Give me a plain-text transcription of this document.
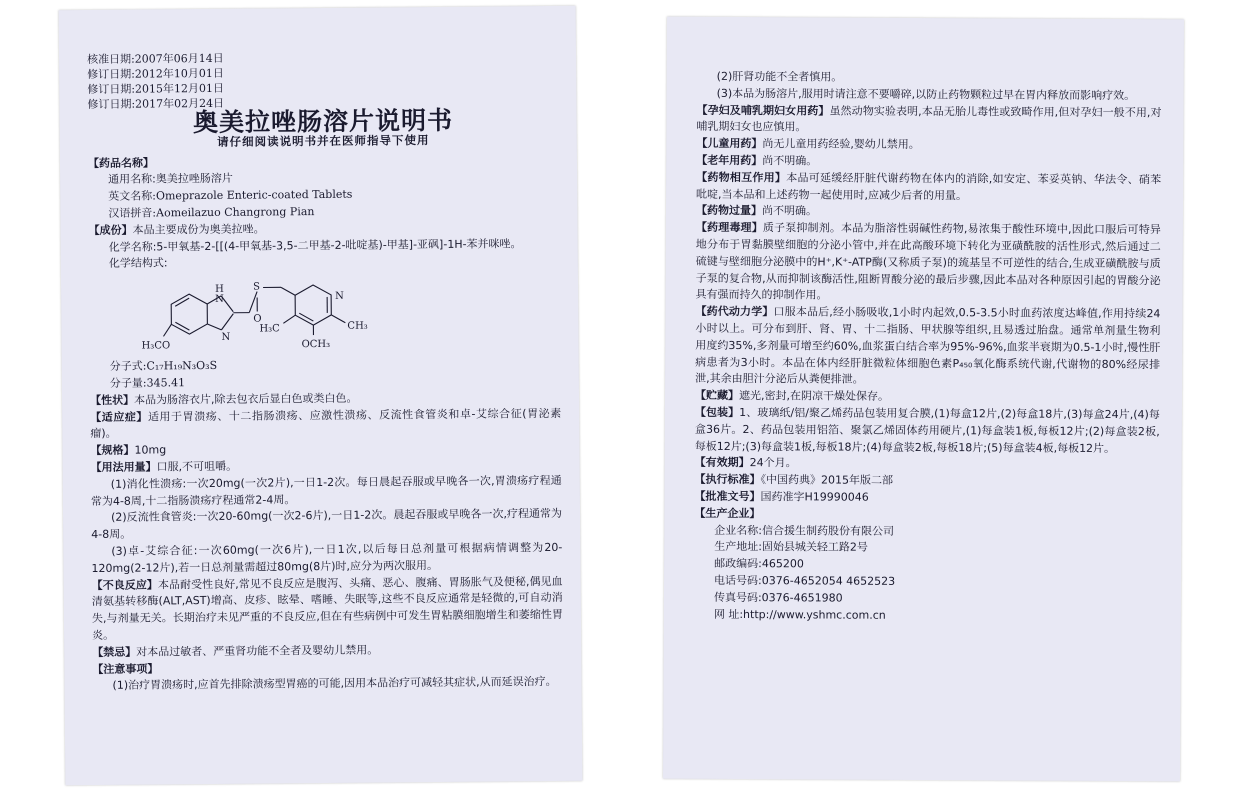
核准日期:2007年06月14日
修订日期:2012年10月01日
修订日期:2015年12月01日
修订日期:2017年02月24日
奥美拉唑肠溶片说明书
请仔细阅读说明书并在医师指导下使用
【药品名称】
通用名称:奥美拉唑肠溶片
英文名称:Omeprazole Enteric-coated Tablets
汉语拼音:Aomeilazuo Changrong Pian
【成份】本品主要成份为奥美拉唑。
化学名称:5-甲氧基-2-[[(4-甲氧基-3,5-二甲基-2-吡啶基)-甲基]-亚砜]-1H-苯并咪唑。
化学结构式:
H
N
N
S
O
N
H₃C	CH₃
OCH₃
H₃CO
分子式:C₁₇H₁₉N₃O₃S
分子量:345.41
【性状】本品为肠溶衣片,除去包衣后显白色或类白色。
【适应症】适用于胃溃疡、十二指肠溃疡、应激性溃疡、反流性食管炎和卓-艾综合征(胃泌素瘤)。
【规格】10mg
【用法用量】口服,不可咀嚼。
(1)消化性溃疡:一次20mg(一次2片),一日1-2次。每日晨起吞服或早晚各一次,胃溃疡疗程通常为4-8周,十二指肠溃疡疗程通常2-4周。
(2)反流性食管炎:一次20-60mg(一次2-6片),一日1-2次。晨起吞服或早晚各一次,疗程通常为4-8周。
(3)卓-艾综合征:一次60mg(一次6片),一日1次,以后每日总剂量可根据病情调整为20-120mg(2-12片),若一日总剂量需超过80mg(8片)时,应分为两次服用。
【不良反应】本品耐受性良好,常见不良反应是腹泻、头痛、恶心、腹痛、胃肠胀气及便秘,偶见血清氨基转移酶(ALT,AST)增高、皮疹、眩晕、嗜睡、失眠等,这些不良反应通常是轻微的,可自动消失,与剂量无关。长期治疗未见严重的不良反应,但在有些病例中可发生胃粘膜细胞增生和萎缩性胃炎。
【禁忌】对本品过敏者、严重肾功能不全者及婴幼儿禁用。
【注意事项】
(1)治疗胃溃疡时,应首先排除溃疡型胃癌的可能,因用本品治疗可减轻其症状,从而延误治疗。
(2)肝肾功能不全者慎用。
(3)本品为肠溶片,服用时请注意不要嚼碎,以防止药物颗粒过早在胃内释放而影响疗效。
【孕妇及哺乳期妇女用药】虽然动物实验表明,本品无胎儿毒性或致畸作用,但对孕妇一般不用,对哺乳期妇女也应慎用。
【儿童用药】尚无儿童用药经验,婴幼儿禁用。
【老年用药】尚不明确。
【药物相互作用】本品可延缓经肝脏代谢药物在体内的消除,如安定、苯妥英钠、华法令、硝苯吡啶,当本品和上述药物一起使用时,应减少后者的用量。
【药物过量】尚不明确。
【药理毒理】质子泵抑制剂。本品为脂溶性弱碱性药物,易浓集于酸性环境中,因此口服后可特异地分布于胃黏膜壁细胞的分泌小管中,并在此高酸环境下转化为亚磺酰胺的活性形式,然后通过二硫键与壁细胞分泌膜中的H⁺,K⁺-ATP酶(又称质子泵)的巯基呈不可逆性的结合,生成亚磺酰胺与质子泵的复合物,从而抑制该酶活性,阻断胃酸分泌的最后步骤,因此本品对各种原因引起的胃酸分泌具有强而持久的抑制作用。
【药代动力学】口服本品后,经小肠吸收,1小时内起效,0.5-3.5小时血药浓度达峰值,作用持续24小时以上。可分布到肝、肾、胃、十二指肠、甲状腺等组织,且易透过胎盘。通常单剂量生物利用度约35%,多剂量可增至约60%,血浆蛋白结合率为95%-96%,血浆半衰期为0.5-1小时,慢性肝病患者为3小时。本品在体内经肝脏微粒体细胞色素P₄₅₀氧化酶系统代谢,代谢物的80%经尿排泄,其余由胆汁分泌后从粪便排泄。
【贮藏】遮光,密封,在阴凉干燥处保存。
【包装】1、玻璃纸/铝/聚乙烯药品包装用复合膜,(1)每盒12片,(2)每盒18片,(3)每盒24片,(4)每盒36片。2、药品包装用铝箔、聚氯乙烯固体药用硬片,(1)每盒装1板,每板12片;(2)每盒装2板,每板12片;(3)每盒装1板,每板18片;(4)每盒装2板,每板18片;(5)每盒装4板,每板12片。
【有效期】24个月。
【执行标准】《中国药典》2015年版二部
【批准文号】国药准字H19990046
【生产企业】
企业名称:信合援生制药股份有限公司
生产地址:固始县城关轻工路2号
邮政编码:465200
电话号码:0376-4652054 4652523
传真号码:0376-4651980
网 址:http://www.yshmc.com.cn
